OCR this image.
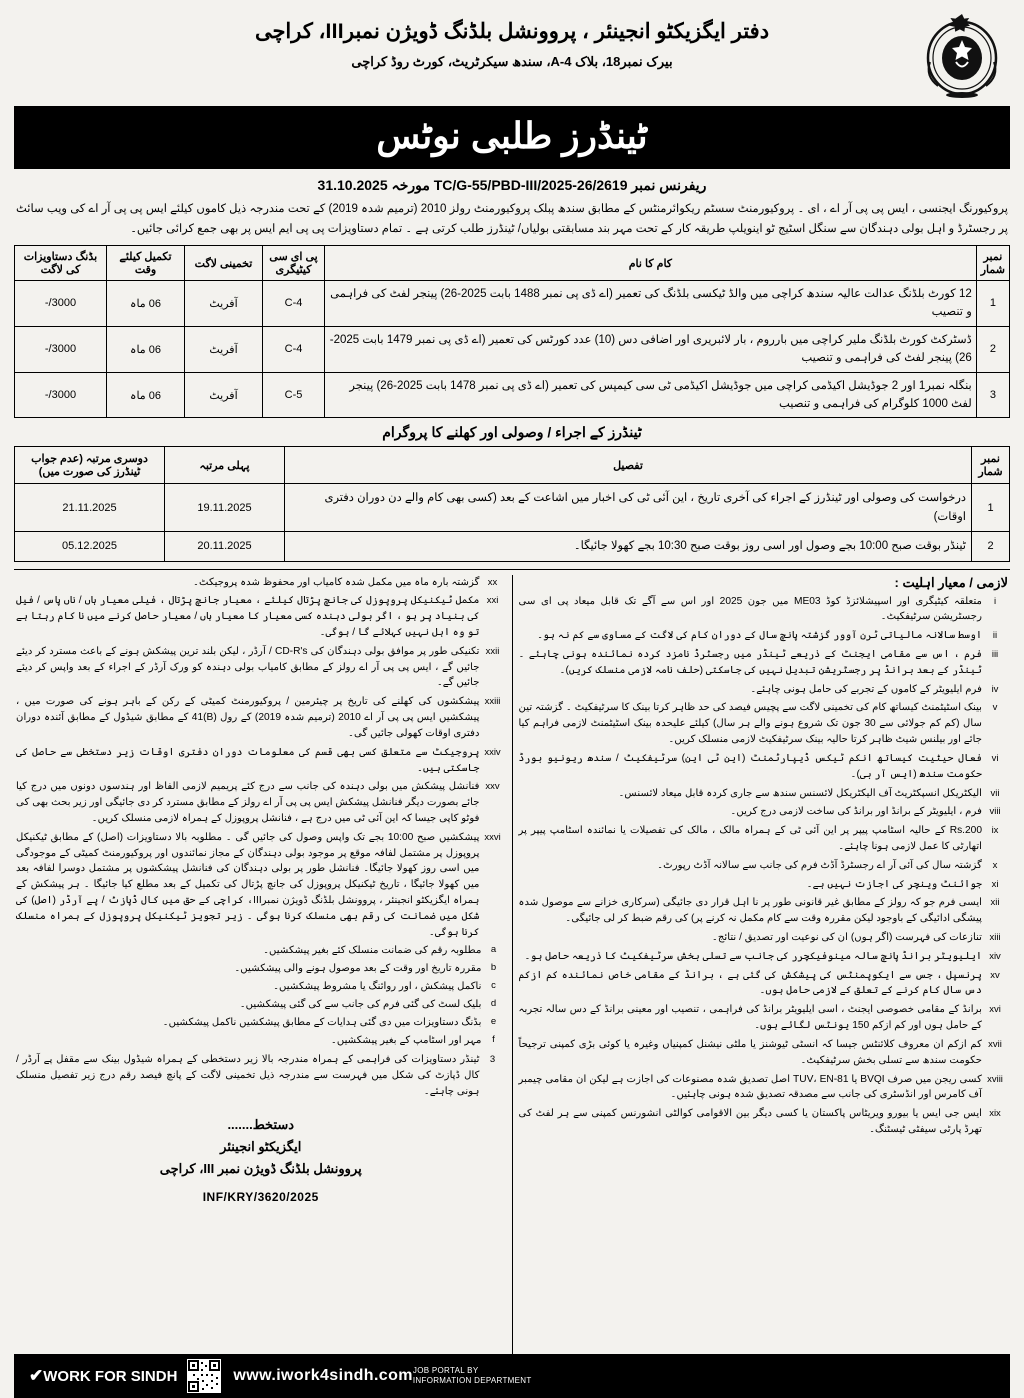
دفتر ایگزیکٹو انجینئر ، پروونشل بلڈنگ ڈویژن نمبرIII، کراچی
بیرک نمبر18، بلاک 4-A، سندھ سیکرٹریٹ، کورٹ روڈ کراچی
ٹینڈرز طلبی نوٹس
ریفرنس نمبر TC/G-55/PBD-III/2025-26/2619 مورخہ 31.10.2025
پروکیورنگ ایجنسی ، ایس پی پی آر اے ، ای ۔ پروکیورمنٹ سسٹم ریکوائرمنٹس کے مطابق سندھ پبلک پروکیورمنٹ رولز 2010 (ترمیم شدہ 2019) کے تحت مندرجہ ذیل کاموں کیلئے ایس پی پی آر اے کی ویب سائٹ پر رجسٹرڈ و اہل بولی دہندگان سے سنگل اسٹیج ٹو اینویلپ طریقہ کار کے تحت مہر بند مسابقتی بولیاں/ ٹینڈرز طلب کرتی ہے ۔ تمام دستاویزات پی پی ایم ایس پر بھی جمع کرائی جائیں۔
نمبر شمار	کام کا نام	پی ای سی کیٹیگری	تخمینی لاگت	تکمیل کیلئے وقت	بڈنگ دستاویزات کی لاگت
1	12 کورٹ بلڈنگ عدالت عالیہ سندھ کراچی میں والڈ ٹیکسی بلڈنگ کی تعمیر (اے ڈی پی نمبر 1488 بابت 2025-26) پینجر لفٹ کی فراہمی و تنصیب	C-4	آفریٹ	06 ماہ	3000/-
2	ڈسٹرکٹ کورٹ بلڈنگ ملیر کراچی میں بارروم ، بار لائبریری اور اضافی دس (10) عدد کورٹس کی تعمیر (اے ڈی پی نمبر 1479 بابت 2025-26) پینجر لفٹ کی فراہمی و تنصیب	C-4	آفریٹ	06 ماہ	3000/-
3	بنگلہ نمبر1 اور 2 جوڈیشل اکیڈمی کراچی میں جوڈیشل اکیڈمی ٹی سی کیمپس کی تعمیر (اے ڈی پی نمبر 1478 بابت 2025-26) پینجر لفٹ 1000 کلوگرام کی فراہمی و تنصیب	C-5	آفریٹ	06 ماہ	3000/-
ٹینڈرز کے اجراء / وصولی اور کھلنے کا پروگرام
نمبر شمار	تفصیل	پہلی مرتبہ	دوسری مرتبہ (عدم جواب ٹینڈرز کی صورت میں)
1	درخواست کی وصولی اور ٹینڈرز کے اجراء کی آخری تاریخ ، این آئی ٹی کی اخبار میں اشاعت کے بعد (کسی بھی کام والے دن دوران دفتری اوقات)	19.11.2025	21.11.2025
2	ٹینڈر بوقت صبح 10:00 بجے وصول اور اسی روز بوقت صبح 10:30 بجے کھولا جائیگا۔	20.11.2025	05.12.2025
xx
گزشتہ بارہ ماہ میں مکمل شدہ کامیاب اور محفوظ شدہ پروجیکٹ۔
xxi
مکمل ٹیکنیکل پروپوزل کی جانچ پڑتال کیلئے ، معیار جانچ پڑتال ، فیلی معیار ہاں / ناں پاس / فیل کی بنیاد پر ہو ، اگر بولی دہندہ کسی معیار کا معیار ہاں / معیار حاصل کرنے میں نا کام رہتا ہے تو وہ اہل نہیں کہلائے گا / ہوگی۔
xxii
تکنیکی طور پر موافق بولی دہندگان کی CD-R's / آرڈر ، لیکن بلند ترین پیشکش ہونے کے باعث مسترد کر دیئے جائیں گے ، ایس پی پی آر اے رولز کے مطابق کامیاب بولی دہندہ کو ورک آرڈر کے اجراء کے بعد واپس کر دیئے جائیں گے۔
xxiii
پیشکشوں کی کھلنے کی تاریخ پر چیئرمین / پروکیورمنٹ کمیٹی کے رکن کے باہر ہونے کی صورت میں ، پیشکشیں ایس پی پی آر اے 2010 (ترمیم شدہ 2019) کے رول (B)41 کے مطابق شیڈول کے مطابق آئندہ دوران دفتری اوقات کھولی جائیں گی۔
xxiv
پروجیکٹ سے متعلق کسی بھی قسم کی معلومات دوران دفتری اوقات زیر دستخطی سے حاصل کی جاسکتی ہیں۔
xxv
فنانشل پیشکش میں بولی دہندہ کی جانب سے درج کئے پریمیم لازمی الفاظ اور ہندسوں دونوں میں درج کیا جائے بصورت دیگر فنانشل پیشکش ایس پی پی آر اے رولز کے مطابق مسترد کر دی جائیگی اور زیر بحث بھی کی فوٹو کاپی جیسا کہ این آئی ٹی میں درج ہے ، فنانشل پروپوزل کے ہمراہ لازمی منسلک کریں۔
xxvi
پیشکشیں صبح 10:00 بجے تک واپس وصول کی جائیں گی ۔ مطلوبہ بالا دستاویزات (اصل) کے مطابق ٹیکنیکل پروپوزل پر مشتمل لفافہ موقع پر موجود بولی دہندگان کے مجاز نمائندوں اور پروکیورمنٹ کمیٹی کے موجودگی میں اسی روز کھولا جائیگا۔ فنانشل طور پر بولی دہندگان کی فنانشل پیشکشوں پر مشتمل دوسرا لفافہ بعد میں کھولا جائیگا ، تاریخ ٹیکنیکل پروپوزل کی جانچ پڑتال کی تکمیل کے بعد مطلع کیا جائیگا ۔ ہر پیشکش کے ہمراہ ایگزیکٹو انجینئر ، پروونشل بلڈنگ ڈویژن نمبرIII، کراچی کے حق میں کال ڈپازٹ / پے آرڈر (اصل) کی شکل میں ضمانت کی رقم بھی منسلک کرنا ہوگی ۔ زیر تجویز ٹیکنیکل پروپوزل کے ہمراہ منسلک کرنا ہوگی۔
a
مطلوبہ رقم کی ضمانت منسلک کئے بغیر پیشکشیں۔
b
مقررہ تاریخ اور وقت کے بعد موصول ہونے والی پیشکشیں۔
c
ناکمل پیشکش ، اور روائنگ یا مشروط پیشکشیں۔
d
بلیک لسٹ کی گئی فرم کی جانب سے کی گئی پیشکشیں۔
e
بڈنگ دستاویزات میں دی گئی ہدایات کے مطابق پیشکشیں ناکمل پیشکشیں۔
f
مہر اور اسٹامپ کے بغیر پیشکشیں۔
3
ٹینڈر دستاویزات کی فراہمی کے ہمراہ مندرجہ بالا زیر دستخطی کے ہمراہ شیڈول بینک سے مقفل پے آرڈر / کال ڈپازٹ کی شکل میں فہرست سے مندرجہ ذیل تخمینی لاگت کے پانچ فیصد رقم درج زیر تفصیل منسلک ہونی چاہئے۔
دستخط.......
ایگزیکٹو انجینئر
پروونشل بلڈنگ ڈویژن نمبر III، کراچی
INF/KRY/3620/2025
لازمی / معیار اہلیت :
i
متعلقہ کیٹیگری اور اسپیشلائزڈ کوڈ ME03 میں جون 2025 اور اس سے آگے تک قابل میعاد پی ای سی رجسٹریشن سرٹیفکیٹ۔
ii
اوسط سالانہ مالیاتی ٹرن آوور گزشتہ پانچ سال کے دوران کام کی لاگت کے مساوی سے کم نہ ہو۔
iii
فرم ، اس سے مقامی ایجنٹ کے ذریعے ٹینڈر میں رجسٹرڈ نامزد کردہ نمائندہ ہونی چاہئے ۔ ٹینڈر کے بعد برانڈ پر رجسٹریشن تبدیل نہیں کی جاسکتی (حلف نامہ لازمی منسلک کریں)۔
iv
فرم ایلیویٹر کے کاموں کے تجربے کی حامل ہونی چاہئے۔
v
بینک اسٹیٹمنٹ کیساتھ کام کی تخمینی لاگت سے پچیس فیصد کی حد ظاہر کرتا بینک کا سرٹیفکیٹ ۔ گزشتہ تین سال (کم کم جولائی سے 30 جون تک شروع ہونے والے ہر سال) کیلئے علیحدہ بینک اسٹیٹمنٹ لازمی فراہم کیا جائے اور بیلنس شیٹ ظاہر کرتا حالیہ بینک سرٹیفکیٹ لازمی منسلک کریں۔
vi
فعال حیثیت کیساتھ انکم ٹیکس ڈیپارٹمنٹ (این ٹی این) سرٹیفکیٹ / سندھ ریونیو بورڈ حکومت سندھ (ایس آر بی)۔
vii
الیکٹریکل انسپکٹریٹ آف الیکٹریکل لائسنس سندھ سے جاری کردہ قابل میعاد لائسنس۔
viii
فرم ، ایلیویٹر کے برانڈ اور برانڈ کی ساخت لازمی درج کریں۔
ix
Rs.200 کے حالیہ اسٹامپ پیپر پر این آئی ٹی کے ہمراہ مالک ، مالک کی تفصیلات یا نمائندہ اسٹامپ پیپر پر اتھارٹی کا عمل لازمی ہونا چاہئے۔
x
گزشتہ سال کی آئی آر اے رجسٹرڈ آڈٹ فرم کی جانب سے سالانہ آڈٹ رپورٹ۔
xi
جوائنٹ وینچر کی اجازت نہیں ہے۔
xii
ایسی فرم جو کہ رولز کے مطابق غیر قانونی طور پر نا اہل قرار دی جائیگی (سرکاری خزانے سے موصول شدہ پیشگی ادائیگی کے باوجود لیکن مقررہ وقت سے کام مکمل نہ کرنے پر) کی رقم ضبط کر لی جائیگی۔
xiii
تنازعات کی فہرست (اگر ہوں) ان کی نوعیت اور تصدیق / نتائج۔
xiv
ایلیویٹر برانڈ پانچ سالہ مینوفیکچرر کی جانب سے تسلی بخش سرٹیفکیٹ کا ذریعہ حاصل ہو۔
xv
پرنسپل ، جس سے ایکوپمنٹس کی پیشکش کی گئی ہے ، برانڈ کے مقامی خاص نمائندہ کم ازکم دس سال کام کرنے کے تعلق کے لازمی حامل ہوں۔
xvi
برانڈ کے مقامی خصوصی ایجنٹ ، اسی ایلیویٹر برانڈ کی فراہمی ، تنصیب اور معینی برانڈ کے دس سالہ تجربہ کے حامل ہوں اور کم ازکم 150 یونٹس لگائے ہوں۔
xvii
کم ازکم ان معروف کلائنٹس جیسا کہ انسٹی ٹیوشنز یا ملٹی نیشنل کمپنیاں وغیرہ یا کوئی بڑی کمپنی ترجیحاً حکومت سندھ سے تسلی بخش سرٹیفکیٹ۔
xviii
کسی ریجن میں صرف BVQI یا TUV، EN-81 اصل تصدیق شدہ مصنوعات کی اجازت ہے لیکن ان مقامی چیمبر آف کامرس اور انڈسٹری کی جانب سے مصدقہ تصدیق شدہ ہونی چاہئیں۔
xix
ایس جی ایس یا بیورو ویریٹاس پاکستان یا کسی دیگر بین الاقوامی کوالٹی انشورنس کمپنی سے ہر لفٹ کی تھرڈ پارٹی سیفٹی ٹیسٹنگ۔
✔ WORK FOR SINDH	www.iwork4sindh.com JOB PORTAL BY
INFORMATION DEPARTMENT
